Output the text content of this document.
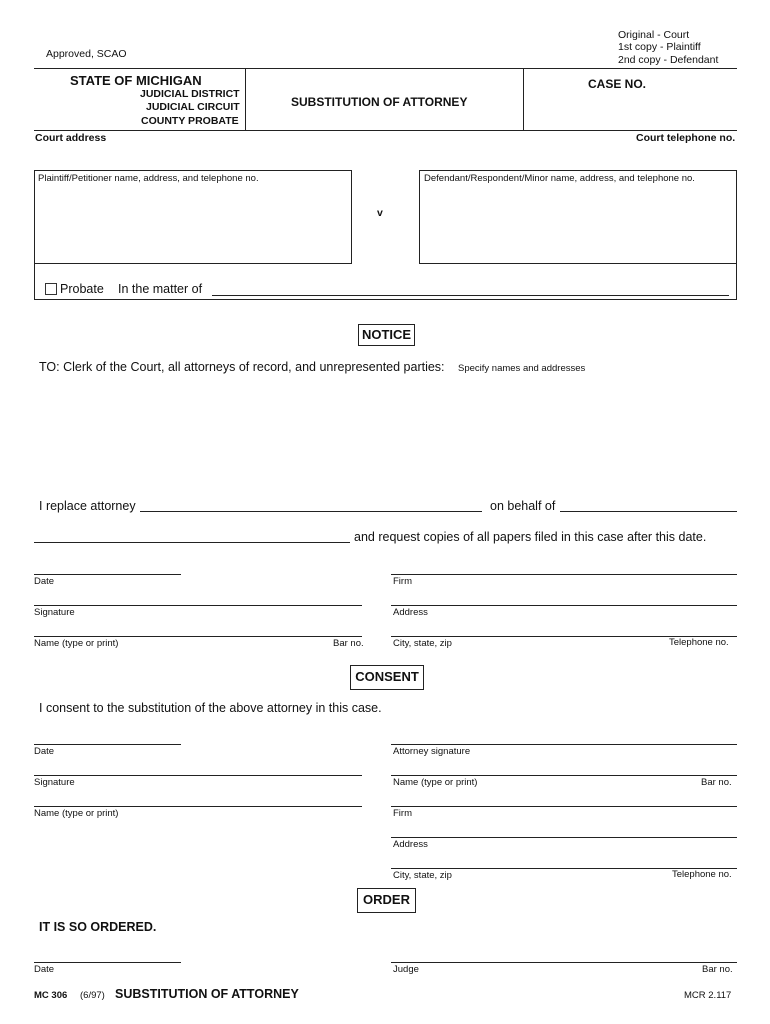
Approved, SCAO
Original - Court
1st copy - Plaintiff
2nd copy - Defendant
STATE OF MICHIGAN
JUDICIAL DISTRICT
JUDICIAL CIRCUIT
COUNTY PROBATE
SUBSTITUTION OF ATTORNEY
CASE NO.
Court address	Court telephone no.
Plaintiff/Petitioner name, address, and telephone no.
v
Defendant/Respondent/Minor name, address, and telephone no.
Probate In the matter of
NOTICE
TO: Clerk of the Court, all attorneys of record, and unrepresented parties: Specify names and addresses
I replace attorney	on behalf of
and request copies of all papers filed in this case after this date.
Date	Firm
Signature	Address
Name (type or print)	Bar no.	City, state, zip	Telephone no.
CONSENT
I consent to the substitution of the above attorney in this case.
Date	Attorney signature
Signature	Name (type or print)	Bar no.
Name (type or print)	Firm
Address
City, state, zip	Telephone no.
ORDER
IT IS SO ORDERED.
Date	Judge	Bar no.
MC 306 (6/97) SUBSTITUTION OF ATTORNEY	MCR 2.117
